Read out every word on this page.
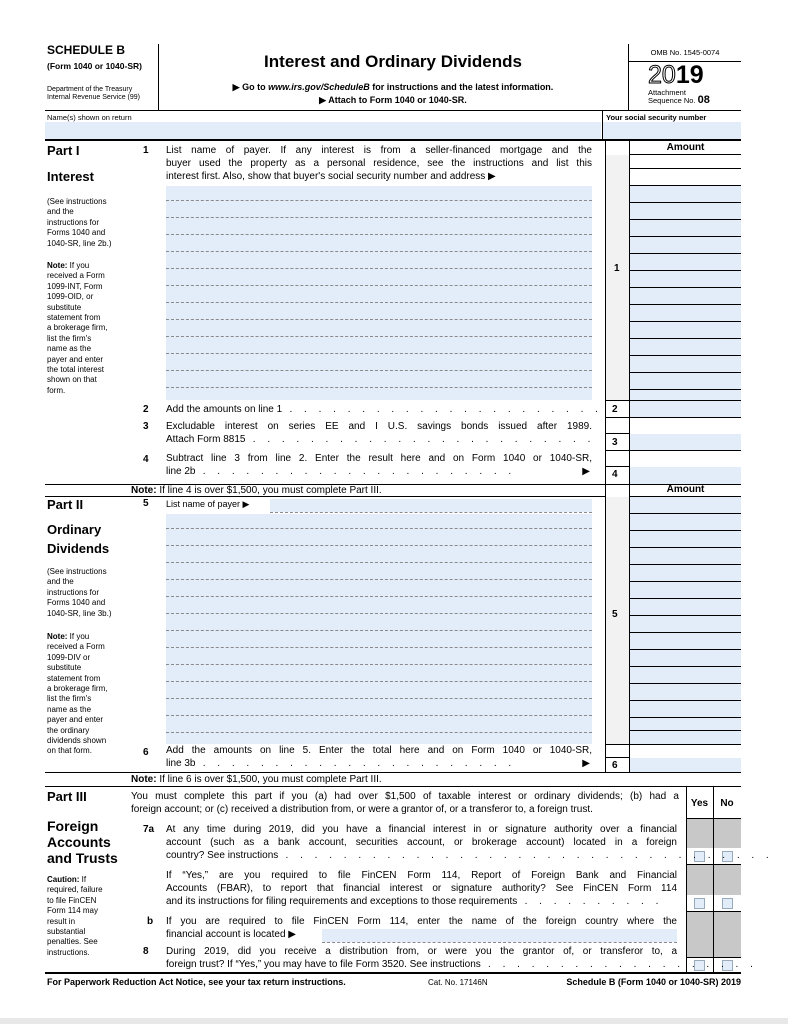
SCHEDULE B
(Form 1040 or 1040-SR)
Department of the Treasury
Internal Revenue Service (99)
Interest and Ordinary Dividends
▶ Go to www.irs.gov/ScheduleB for instructions and the latest information.
▶ Attach to Form 1040 or 1040-SR.
OMB No. 1545-0074
2019
Attachment
Sequence No. 08
Name(s) shown on return	Your social security number
Part I
Interest
(See instructions
and the
instructions for
Forms 1040 and
1040-SR, line 2b.)
Note: If you
received a Form
1099-INT, Form
1099-OID, or
substitute
statement from
a brokerage firm,
list the firm's
name as the
payer and enter
the total interest
shown on that
form.
Amount
1 List name of payer. If any interest is from a seller-financed mortgage and the
buyer used the property as a personal residence, see the instructions and list this
interest first. Also, show that buyer's social security number and address ▶
1
2 Add the amounts on line 1 . . . . . . . . . . . . . . . . . . . . . . 2
3 Excludable interest on series EE and I U.S. savings bonds issued after 1989.
Attach Form 8815 . . . . . . . . . . . . . . . . . . . . . . . . 3
4 Subtract line 3 from line 2. Enter the result here and on Form 1040 or 1040-SR,
line 2b . . . . . . . . . . . . . . . . . . . . . .	▶ 4
Note: If line 4 is over $1,500, you must complete Part III.	Amount
Part II
Ordinary
Dividends
(See instructions
and the
instructions for
Forms 1040 and
1040-SR, line 3b.)
Note: If you
received a Form
1099-DIV or
substitute
statement from
a brokerage firm,
list the firm's
name as the
payer and enter
the ordinary
dividends shown
on that form.
5 List name of payer ▶
5
6 Add the amounts on line 5. Enter the total here and on Form 1040 or 1040-SR,
line 3b . . . . . . . . . . . . . . . . . . . . . .	▶ 6
Note: If line 6 is over $1,500, you must complete Part III.
Part III
Foreign
Accounts
and Trusts
Caution: If
required, failure
to file FinCEN
Form 114 may
result in
substantial
penalties. See
instructions.
You must complete this part if you (a) had over $1,500 of taxable interest or ordinary dividends; (b) had a
foreign account; or (c) received a distribution from, or were a grantor of, or a transferor to, a foreign trust.
Yes	No
7a At any time during 2019, did you have a financial interest in or signature authority over a financial
account (such as a bank account, securities account, or brokerage account) located in a foreign
country? See instructions . . . . . . . . . . . . . . . . . . . . . . . . . . . . . . . . . .
If “Yes,” are you required to file FinCEN Form 114, Report of Foreign Bank and Financial
Accounts (FBAR), to report that financial interest or signature authority? See FinCEN Form 114
and its instructions for filing requirements and exceptions to those requirements . . . . . . . . . .
b If you are required to file FinCEN Form 114, enter the name of the foreign country where the
financial account is located ▶
8 During 2019, did you receive a distribution from, or were you the grantor of, or transferor to, a
foreign trust? If “Yes,” you may have to file Form 3520. See instructions . . . . . . . . . . . . . . . . . . .
For Paperwork Reduction Act Notice, see your tax return instructions.	Cat. No. 17146N	Schedule B (Form 1040 or 1040-SR) 2019
